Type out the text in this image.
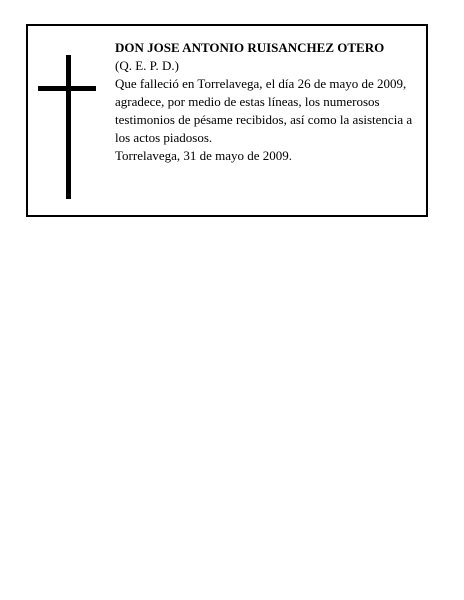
DON JOSE ANTONIO RUISANCHEZ OTERO

(Q. E. P. D.)

Que falleció en Torrelavega, el día 26 de mayo de 2009, agradece, por medio de estas líneas, los numerosos testimonios de pésame recibidos, así como la asistencia a los actos piadosos.

Torrelavega, 31 de mayo de 2009.
